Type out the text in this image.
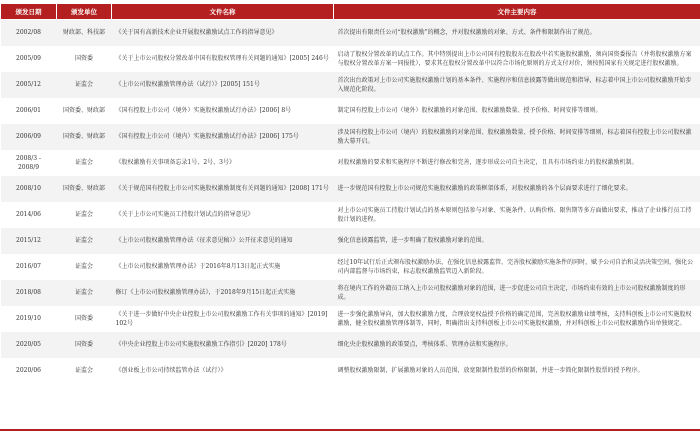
颁发日期	颁发单位	文件名称	文件主要内容
2002/08	财政部、科技部	《关于国有高新技术企业开展股权激励试点工作的指导意见》	首次提出有限责任公司“股权激励”的概念，并对股权激励的对象、方式、条件和限制作出了规范。
2005/09	国资委	《关于上市公司股权分置改革中国有股股权管理有关问题的通知》[2005] 246号	启动了股权分置改革的试点工作。其中特别提出上市公司国有控股股东在股改中若实施股权激励，须向国资委报告（并将股权激励方案与股权分置改革方案一同报批），要求其在股权分置改革中以符合市场化原则的方式支付对价，须按照国家有关规定进行股权激励。
2005/12	证监会	《上市公司股权激励管理办法（试行）》[2005] 151号	首次出台政策对上市公司实施股权激励计划的基本条件、实施程序和信息披露等做出规范和指导，标志着中国上市公司股权激励开始步入规范化阶段。
2006/01	国资委、财政部	《国有控股上市公司（境外）实施股权激励试行办法》[2006] 8号	制定国有控股上市公司（境外）股权激励的对象范围、股权激励数量、授予价格、时间安排等细则。
2006/09	国资委、财政部	《国有控股上市公司（境内）实施股权激励试行办法》[2006] 175号	涉及国有控股上市公司（境内）的股权激励的对象范围、股权激励数量、授予价格、时间安排等细则，标志着国有控股上市公司股权激励大幕开启。
2008/3 - 2008/9	证监会	《股权激励有关事项备忘录1号、2号、3号》	对股权激励的要求和实施程序不断进行修改和完善，逐步形成公司自主决定，且具有市场约束力的股权激励机制。
2008/10	国资委、财政部	《关于规范国有控股上市公司实施股权激励制度有关问题的通知》[2008] 171号	进一步规范国有控股上市公司规范实施股权激励的政策框架体系，对股权激励的各个层面要求进行了细化要求。
2014/06	证监会	《关于上市公司实施员工持股计划试点的指导意见》	对上市公司实施员工持股计划试点的基本原则包括参与对象、实施条件、认购价格、限售期等多方面做出要求，推动了企业推行员工持股计划的进程。
2015/12	证监会	《上市公司股权激励管理办法（征求意见稿）》公开征求意见的通知	强化信息披露监管，进一步明确了股权激励对象的范围。
2016/07	证监会	《上市公司股权激励管理办法》于2016年8月13日起正式实施	经过10年试行后正式颁布股权激励办法，在强化信息披露监管、完善股权激励实施条件的同时，赋予公司自治和灵活决策空间，强化公司内部监督与市场约束，标志股权激励监管迈入新阶段。
2018/08	证监会	修订《上市公司股权激励管理办法》，于2018年9月15日起正式实施	将在境内工作的外籍员工纳入上市公司股权激励对象的范围，进一步促进公司自主决定，市场约束有效的上市公司股权激励制度的形成。
2019/10	国资委	《关于进一步做好中央企业控股上市公司股权激励工作有关事项的通知》[2019] 102号	进一步强化激励导向，加大股权激励力度，合理放宽权益授予价格的确定范围，完善股权激励业绩考核，支持科创板上市公司实施股权激励，健全股权激励管理体制等，同时，明确指出支持科创板上市公司实施股权激励，并对科创板上市公司股权激励作出单独规定。
2020/05	国资委	《中央企业控股上市公司实施股权激励工作指引》[2020] 178号	细化央企股权激励的政策要点，考核体系、管理办法和实施程序。
2020/06	证监会	《创业板上市公司持续监管办法（试行）》	调整股权激励限制，扩展激励对象的人员范围，放宽限制性股票的价格限制，并进一步简化限制性股票的授予程序。
